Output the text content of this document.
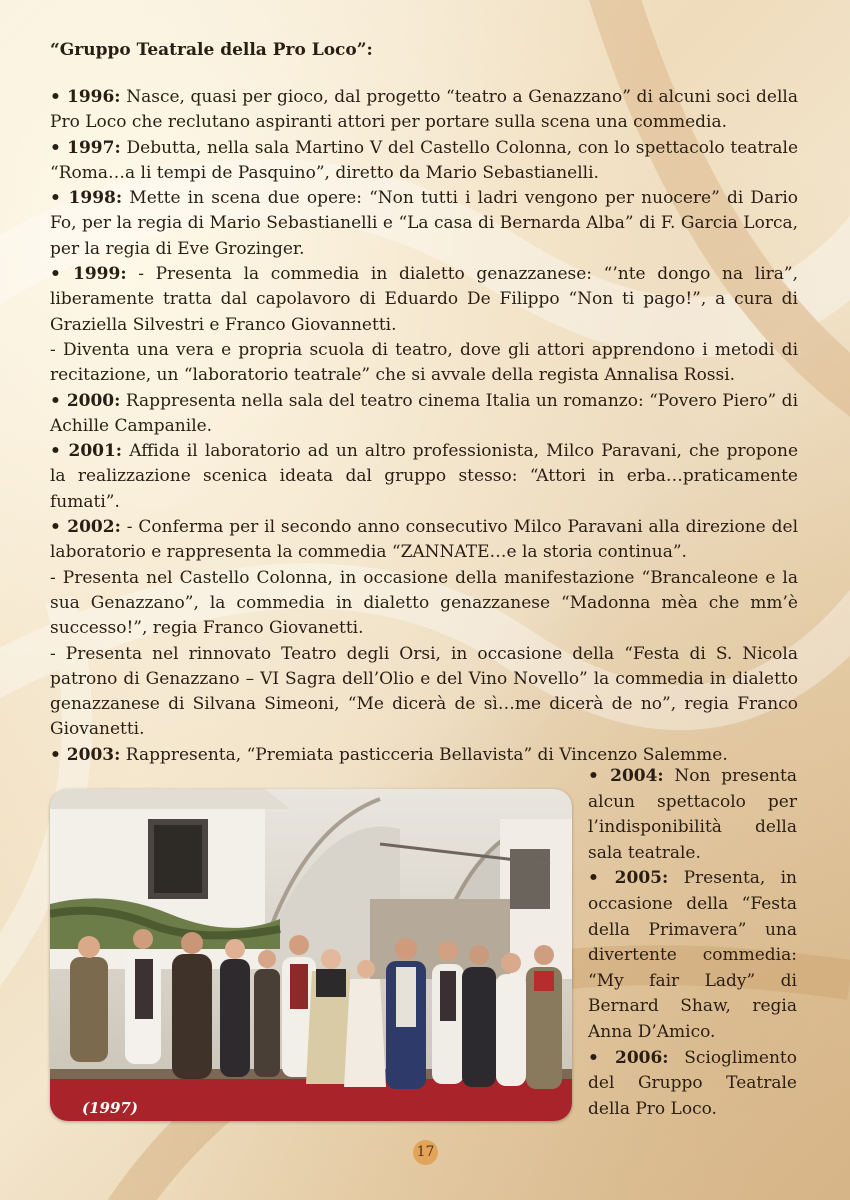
“Gruppo Teatrale della Pro Loco”:

• 1996: Nasce, quasi per gioco, dal progetto “teatro a Genazzano” di alcuni soci della Pro Loco che reclutano aspiranti attori per portare sulla scena una commedia.

• 1997: Debutta, nella sala Martino V del Castello Colonna, con lo spettacolo teatrale “Roma…a li tempi de Pasquino”, diretto da Mario Sebastianelli.

• 1998: Mette in scena due opere: “Non tutti i ladri vengono per nuocere” di Dario Fo, per la regia di Mario Sebastianelli e “La casa di Bernarda Alba” di F. Garcia Lorca, per la regia di Eve Grozinger.

• 1999: - Presenta la commedia in dialetto genazzanese: “’nte dongo na lira”, liberamente tratta dal capolavoro di Eduardo De Filippo “Non ti pago!”, a cura di Graziella Silvestri e Franco Giovannetti.

- Diventa una vera e propria scuola di teatro, dove gli attori apprendono i metodi di recitazione, un “laboratorio teatrale” che si avvale della regista Annalisa Rossi.

• 2000: Rappresenta nella sala del teatro cinema Italia un romanzo: “Povero Piero” di Achille Campanile.

• 2001: Affida il laboratorio ad un altro professionista, Milco Paravani, che propone la realizzazione scenica ideata dal gruppo stesso: “Attori in erba…praticamente fumati”.

• 2002: - Conferma per il secondo anno consecutivo Milco Paravani alla direzione del laboratorio e rappresenta la commedia “ZANNATE…e la storia continua”.

- Presenta nel Castello Colonna, in occasione della manifestazione “Brancaleone e la sua Genazzano”, la commedia in dialetto genazzanese “Madonna mèa che mm’è successo!”, regia Franco Giovanetti.

- Presenta nel rinnovato Teatro degli Orsi, in occasione della “Festa di S. Nicola patrono di Genazzano – VI Sagra dell’Olio e del Vino Novello” la commedia in dialetto genazzanese di Silvana Simeoni, “Me dicerà de sì…me dicerà de no”, regia Franco Giovanetti.

• 2003: Rappresenta, “Premiata pasticceria Bellavista” di Vincenzo Salemme.

(1997)

• 2004: Non presenta alcun spettacolo per l’indisponibilità della sala teatrale.

• 2005: Presenta, in occasione della “Festa della Primavera” una divertente commedia: “My fair Lady” di Bernard Shaw, regia Anna D’Amico.

• 2006: Scioglimento del Gruppo Teatrale della Pro Loco.

17
